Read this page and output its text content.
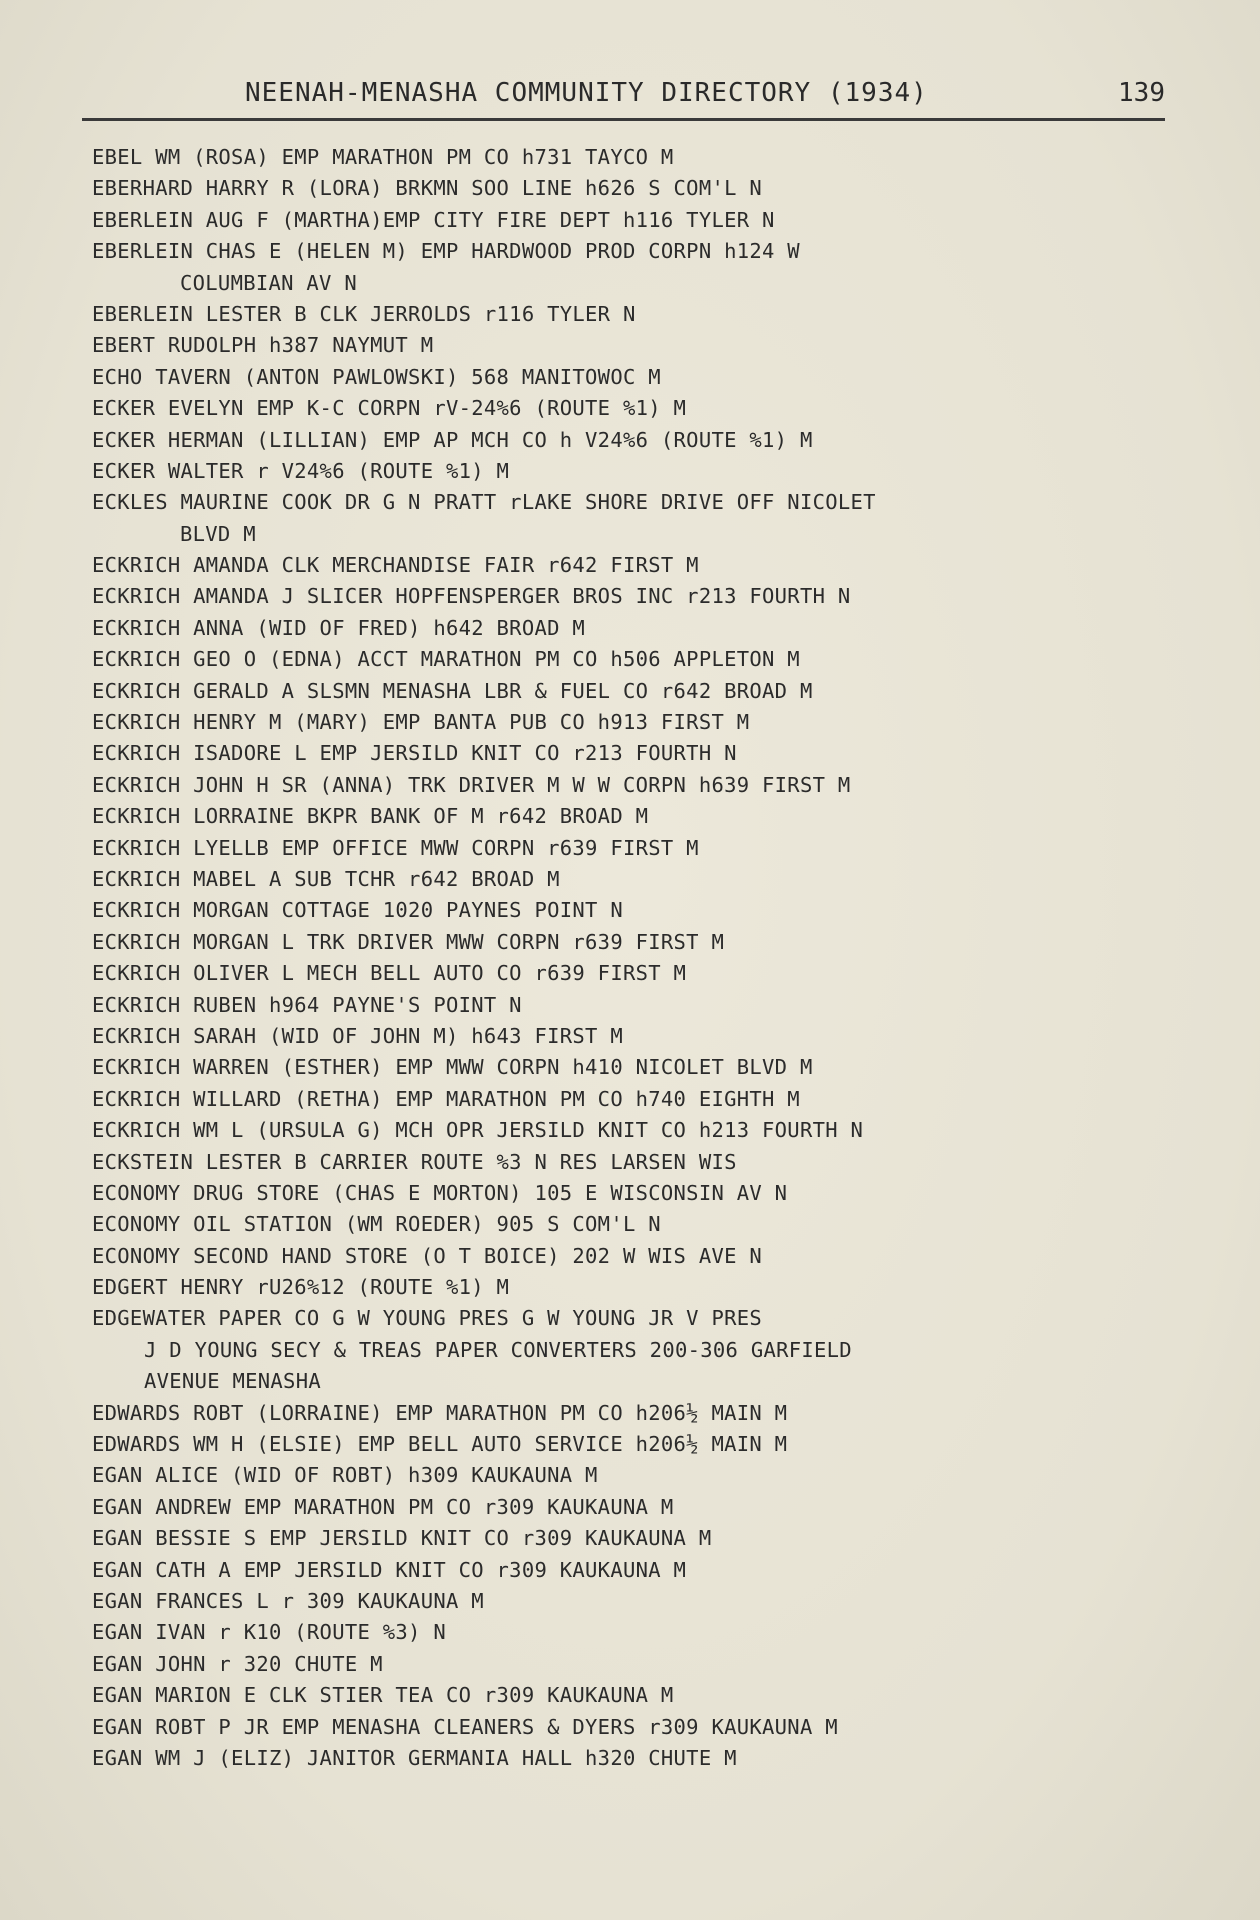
NEENAH-MENASHA COMMUNITY DIRECTORY (1934)	139
EBEL WM (ROSA) EMP MARATHON PM CO h731 TAYCO M
EBERHARD HARRY R (LORA) BRKMN SOO LINE h626 S COM'L N
EBERLEIN AUG F (MARTHA)EMP CITY FIRE DEPT h116 TYLER N
EBERLEIN CHAS E (HELEN M) EMP HARDWOOD PROD CORPN h124 W
COLUMBIAN AV N
EBERLEIN LESTER B CLK JERROLDS r116 TYLER N
EBERT RUDOLPH h387 NAYMUT M
ECHO TAVERN (ANTON PAWLOWSKI) 568 MANITOWOC M
ECKER EVELYN EMP K-C CORPN rV-24%6 (ROUTE %1) M
ECKER HERMAN (LILLIAN) EMP AP MCH CO h V24%6 (ROUTE %1) M
ECKER WALTER r V24%6 (ROUTE %1) M
ECKLES MAURINE COOK DR G N PRATT rLAKE SHORE DRIVE OFF NICOLET
BLVD M
ECKRICH AMANDA CLK MERCHANDISE FAIR r642 FIRST M
ECKRICH AMANDA J SLICER HOPFENSPERGER BROS INC r213 FOURTH N
ECKRICH ANNA (WID OF FRED) h642 BROAD M
ECKRICH GEO O (EDNA) ACCT MARATHON PM CO h506 APPLETON M
ECKRICH GERALD A SLSMN MENASHA LBR & FUEL CO r642 BROAD M
ECKRICH HENRY M (MARY) EMP BANTA PUB CO h913 FIRST M
ECKRICH ISADORE L EMP JERSILD KNIT CO r213 FOURTH N
ECKRICH JOHN H SR (ANNA) TRK DRIVER M W W CORPN h639 FIRST M
ECKRICH LORRAINE BKPR BANK OF M r642 BROAD M
ECKRICH LYELLB EMP OFFICE MWW CORPN r639 FIRST M
ECKRICH MABEL A SUB TCHR r642 BROAD M
ECKRICH MORGAN COTTAGE 1020 PAYNES POINT N
ECKRICH MORGAN L TRK DRIVER MWW CORPN r639 FIRST M
ECKRICH OLIVER L MECH BELL AUTO CO r639 FIRST M
ECKRICH RUBEN h964 PAYNE'S POINT N
ECKRICH SARAH (WID OF JOHN M) h643 FIRST M
ECKRICH WARREN (ESTHER) EMP MWW CORPN h410 NICOLET BLVD M
ECKRICH WILLARD (RETHA) EMP MARATHON PM CO h740 EIGHTH M
ECKRICH WM L (URSULA G) MCH OPR JERSILD KNIT CO h213 FOURTH N
ECKSTEIN LESTER B CARRIER ROUTE %3 N RES LARSEN WIS
ECONOMY DRUG STORE (CHAS E MORTON) 105 E WISCONSIN AV N
ECONOMY OIL STATION (WM ROEDER) 905 S COM'L N
ECONOMY SECOND HAND STORE (O T BOICE) 202 W WIS AVE N
EDGERT HENRY rU26%12 (ROUTE %1) M
EDGEWATER PAPER CO G W YOUNG PRES G W YOUNG JR V PRES
J D YOUNG SECY & TREAS PAPER CONVERTERS 200-306 GARFIELD
AVENUE MENASHA
EDWARDS ROBT (LORRAINE) EMP MARATHON PM CO h206½ MAIN M
EDWARDS WM H (ELSIE) EMP BELL AUTO SERVICE h206½ MAIN M
EGAN ALICE (WID OF ROBT) h309 KAUKAUNA M
EGAN ANDREW EMP MARATHON PM CO r309 KAUKAUNA M
EGAN BESSIE S EMP JERSILD KNIT CO r309 KAUKAUNA M
EGAN CATH A EMP JERSILD KNIT CO r309 KAUKAUNA M
EGAN FRANCES L r 309 KAUKAUNA M
EGAN IVAN r K10 (ROUTE %3) N
EGAN JOHN r 320 CHUTE M
EGAN MARION E CLK STIER TEA CO r309 KAUKAUNA M
EGAN ROBT P JR EMP MENASHA CLEANERS & DYERS r309 KAUKAUNA M
EGAN WM J (ELIZ) JANITOR GERMANIA HALL h320 CHUTE M
